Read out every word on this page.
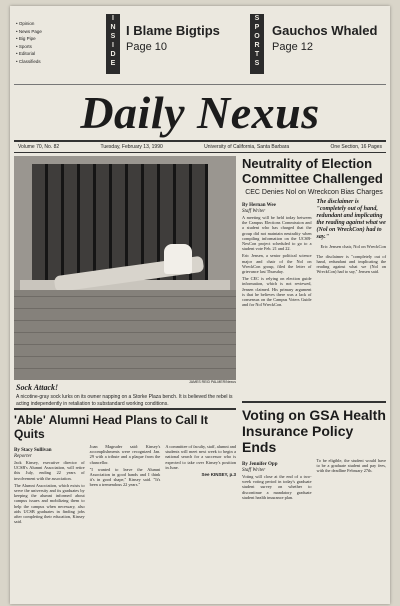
• Opinion
• News Page
• Big Pipe
• Sports
• Editorial
• Classifieds
I
N
S
I
D
E
I Blame Bigtips
Page 10
S
P
O
R
T
S
Gauchos Whaled
Page 12
Daily Nexus
Volume 70, No. 82	Tuesday, February 13, 1990	University of California, Santa Barbara	One Section, 16 Pages
JAMES REID PALMER/Nexus
Sock Attack!
A nicotine-gray sock lurks on its owner napping on a Storke Plaza bench. It is believed the rebel is acting independently in retaliation to substandard working conditions.
Neutrality of Election Committee Challenged

CEC Denies Nol on Wreckcon Bias Charges

By Hernan Wee
Staff Writer

A meeting will be held today between the Campus Elections Commission and a student who has charged that the group did not maintain neutrality when compiling information on the UCSB-NexCon project scheduled to go to a student vote Feb. 21 and 22.

Eric Jensen, a senior political science major and chair of the Nol on WreckCon group, filed the letter of grievance last Thursday.

The CEC is relying on election guide information, which is not reviewed, Jensen claimed. His primary argument is that he believes there was a lack of consensus on the Campus Voters Guide and for Nol WreckCon.

The disclaimer is "completely out of hand, redundant and implicating the reading against what we (Nol on WreckCon) had to say."

Eric Jensen chair, Nol on WreckCon

The disclaimer is "completely out of hand, redundant and implicating the reading against what we (Nol on WreckCon) had to say," Jensen said.

Voting on GSA Health Insurance Policy Ends
By Jennifer Opp
Staff Writer

Voting will close at the end of a two-week voting period in today's graduate student survey on whether to discontinue a mandatory graduate student health insurance plan.

To be eligible, the student would have to be a graduate student and pay fees, with the deadline February 27th.

'Able' Alumni Head Plans to Call It Quits
By Stacy Sullivan
Reporter

Jack Kinsey, executive director of UCSB's Alumni Association, will retire this July, ending 22 years of involvement with the association.

The Alumni Association, which exists to serve the university and its graduates by keeping the alumni informed about campus issues and mobilizing them to help the campus when necessary, also aids UCSB graduates in finding jobs after completing their education, Kinsey said.

Joan Magruder said: Kinsey's accomplishments were recognized Jan. 29 with a tribute and a plaque from the chancellor.

"I wanted to leave the Alumni Association in good hands and I think it's in good shape," Kinsey said. "It's been a tremendous 22 years."

A committee of faculty, staff, alumni and students will meet next week to begin a national search for a successor who is expected to take over Kinsey's position in June.

See KINSEY, p.3
